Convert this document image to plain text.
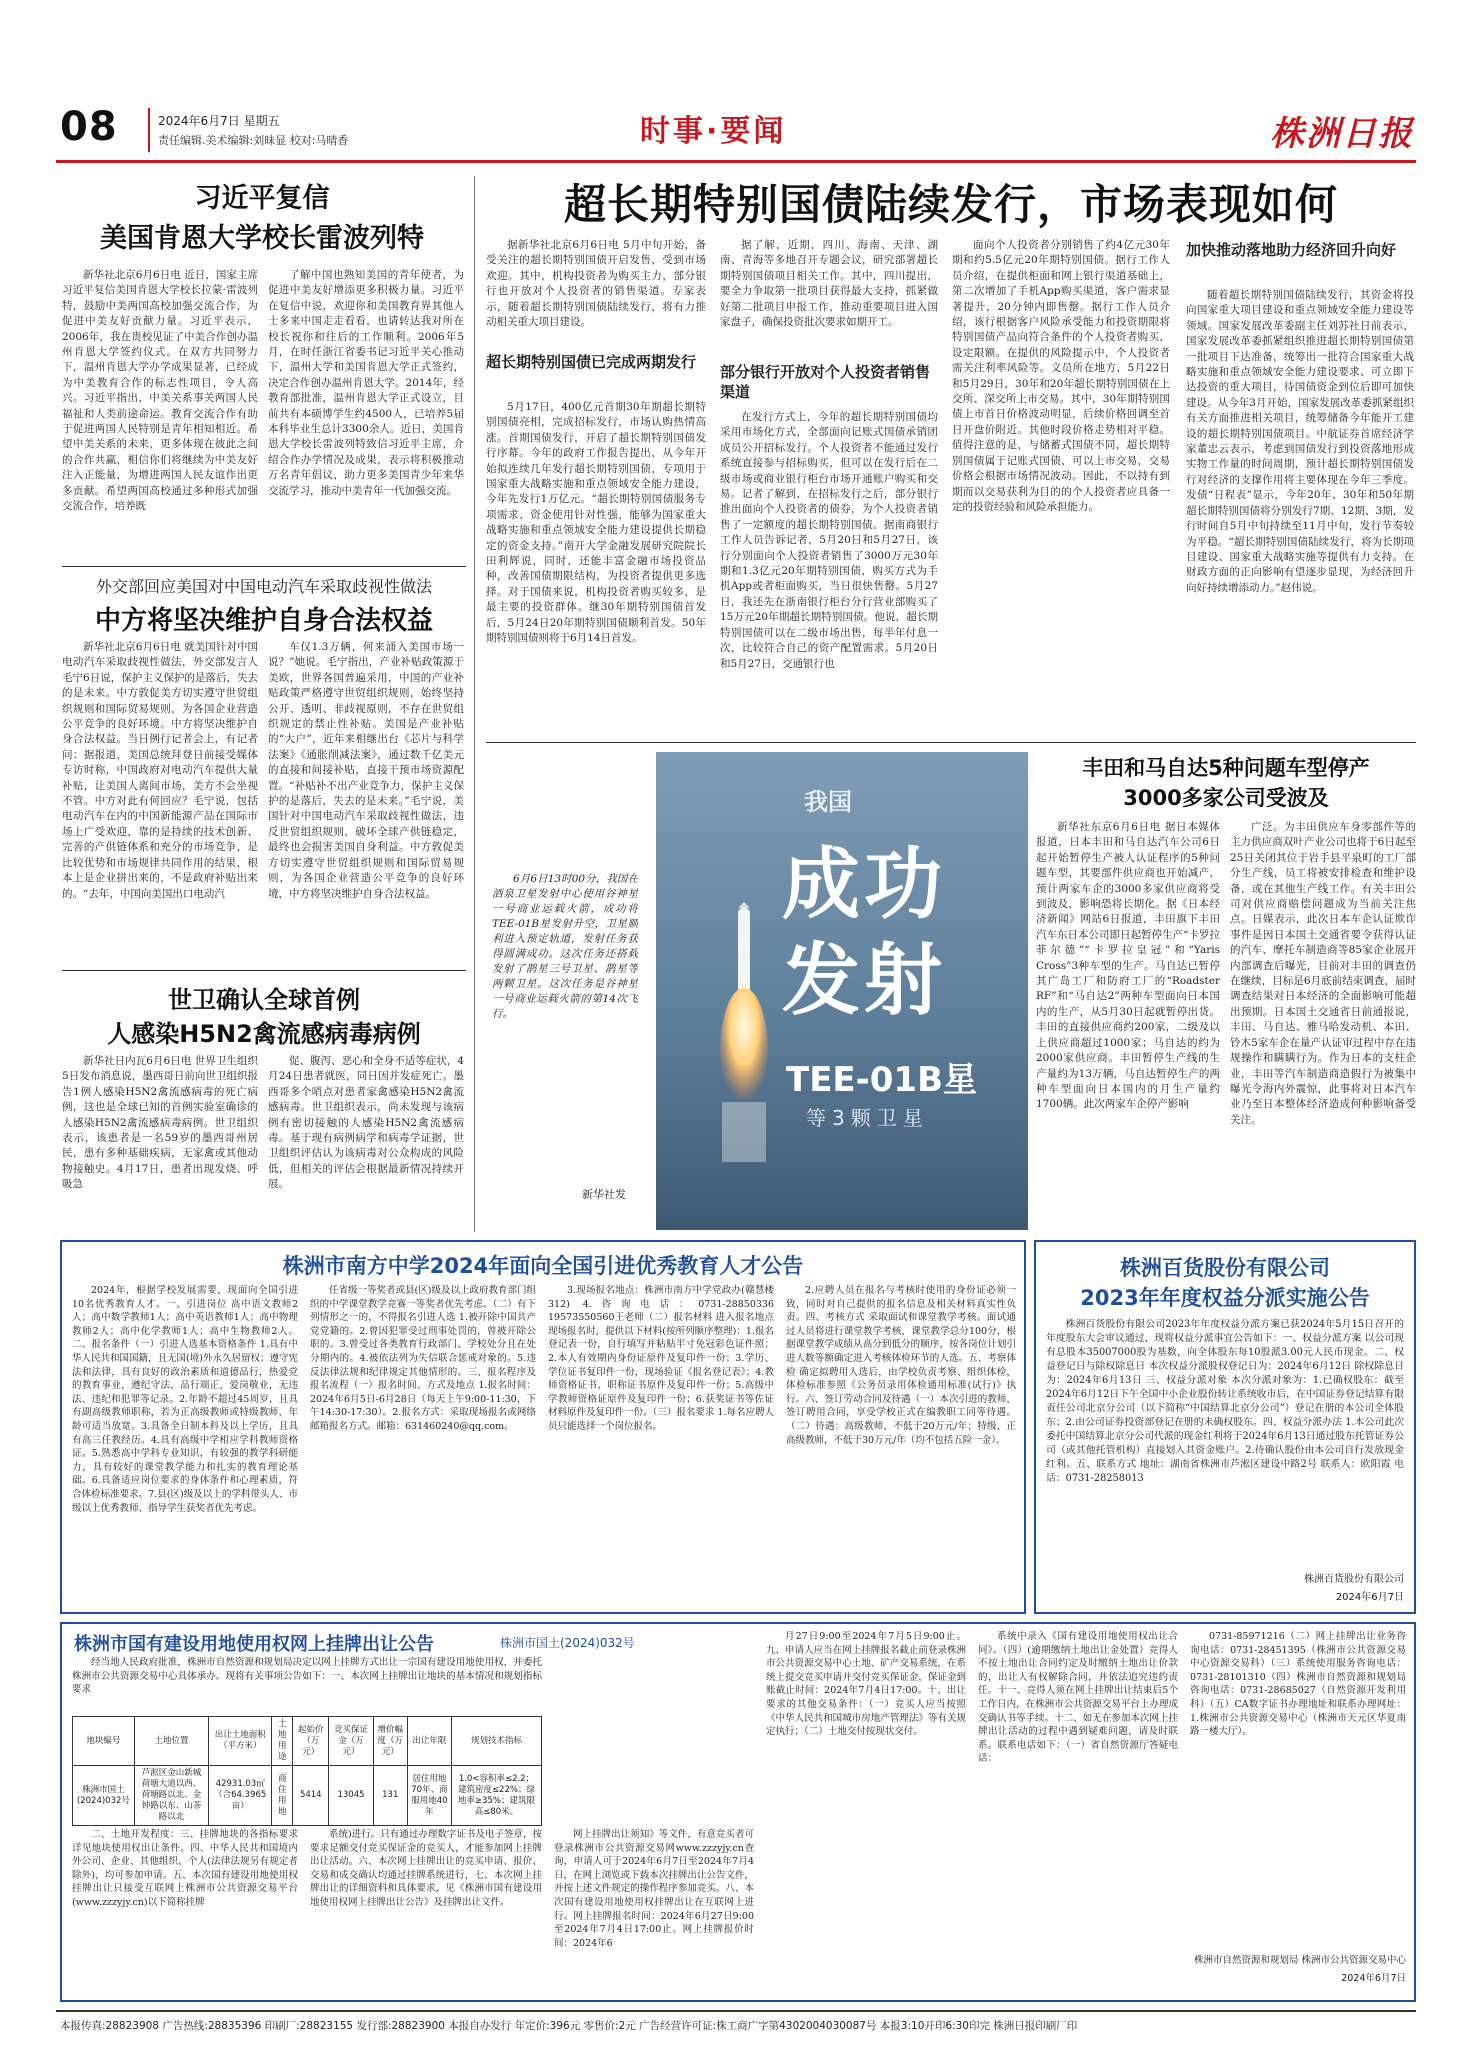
08	2024年6月7日 星期五
责任编辑.美术编辑:刘昧显 校对:马晴香	时事·要闻	株洲日报
习近平复信
美国肯恩大学校长雷波列特

新华社北京6月6日电 近日，国家主席习近平复信美国肯恩大学校长拉蒙·雷波列特，鼓励中美两国高校加强交流合作，为促进中美友好贡献力量。习近平表示，2006年，我在贵校见证了中美合作创办温州肯恩大学签约仪式。在双方共同努力下，温州肯恩大学办学成果显著，已经成为中美教育合作的标志性项目，令人高兴。习近平指出，中美关系事关两国人民福祉和人类前途命运。教育交流合作有助于促进两国人民特别是青年相知相近。希望中美关系的未来，更多体现在彼此之间的合作共赢，相信你们将继续为中美友好注入正能量，为增进两国人民友谊作出更多贡献。希望两国高校通过多种形式加强交流合作，培养既

了解中国也熟知美国的青年使者，为促进中美友好增添更多积极力量。习近平在复信中说，欢迎你和美国教育界其他人士多来中国走走看看，也请转达我对所在校长祝你和往后的工作顺利。2006年5月，在时任浙江省委书记习近平关心推动下，温州大学和美国肯恩大学正式签约，决定合作创办温州肯恩大学。2014年，经教育部批准，温州肯恩大学正式设立，目前共有本硕博学生约4500人，已培养5届本科毕业生总计3300余人。近日，美国肯恩大学校长雷波列特致信习近平主席，介绍合作办学情况及成果，表示将积极推动万名青年倡议，助力更多美国青少年来华交流学习，推动中美青年一代加强交流。

外交部回应美国对中国电动汽车采取歧视性做法
中方将坚决维护自身合法权益

新华社北京6月6日电 就美国针对中国电动汽车采取歧视性做法，外交部发言人毛宁6日说，保护主义保护的是落后，失去的是未来。中方敦促美方切实遵守世贸组织规则和国际贸易规则，为各国企业营造公平竞争的良好环境。中方将坚决维护自身合法权益。当日例行记者会上，有记者问：据报道，美国总统拜登日前接受媒体专访时称，中国政府对电动汽车提供大量补贴，让美国人离间市场，美方不会坐视不管。中方对此有何回应？毛宁说，包括电动汽车在内的中国新能源产品在国际市场上广受欢迎，靠的是持续的技术创新、完善的产供链体系和充分的市场竞争，是比较优势和市场规律共同作用的结果，根本上是企业拼出来的，不是政府补贴出来的。“去年，中国向美国出口电动汽

车仅1.3万辆，何来涌入美国市场一说？”她说。毛宁指出，产业补贴政策源于美欧，世界各国普遍采用，中国的产业补贴政策严格遵守世贸组织规则，始终坚持公开、透明、非歧视原则，不存在世贸组织规定的禁止性补贴。美国是产业补贴的“大户”，近年来相继出台《芯片与科学法案》《通胀削减法案》，通过数千亿美元的直接和间接补贴，直接干预市场资源配置。“补贴补不出产业竞争力，保护主义保护的是落后，失去的是未来。”毛宁说，美国针对中国电动汽车采取歧视性做法，违反世贸组织规则，破坏全球产供链稳定，最终也会损害美国自身利益。中方敦促美方切实遵守世贸组织规则和国际贸易规则，为各国企业营造公平竞争的良好环境，中方将坚决维护自身合法权益。

世卫确认全球首例
人感染H5N2禽流感病毒病例

新华社日内瓦6月6日电 世界卫生组织5日发布消息说，墨西哥日前向世卫组织报告1例人感染H5N2禽流感病毒的死亡病例，这也是全球已知的首例实验室确诊的人感染H5N2禽流感病毒病例。世卫组织表示，该患者是一名59岁的墨西哥州居民，患有多种基础疾病，无家禽或其他动物接触史。4月17日，患者出现发烧、呼吸急

促、腹泻、恶心和全身不适等症状，4月24日患者就医，同日因并发症死亡。墨西哥多个哨点对患者家禽感染H5N2禽流感病毒。世卫组织表示，尚未发现与该病例有密切接触的人感染H5N2禽流感病毒。基于现有病例病学和病毒学证据，世卫组织评估认为该病毒对公众构成的风险低，但相关的评估会根据最新情况持续开展。

超长期特别国债陆续发行，市场表现如何

据新华社北京6月6日电 5月中旬开始，备受关注的超长期特别国债开启发售，受到市场欢迎。其中，机构投资者为购买主力，部分银行也开放对个人投资者的销售渠道。专家表示，随着超长期特别国债陆续发行，将有力推动相关重大项目建设。

超长期特别国债已完成两期发行

5月17日，400亿元首期30年期超长期特别国债亮相，完成招标发行，市场认购热情高涨。首期国债发行，开启了超长期特别国债发行序幕。今年的政府工作报告提出，从今年开始拟连续几年发行超长期特别国债，专项用于国家重大战略实施和重点领域安全能力建设，今年先发行1万亿元。“超长期特别国债服务专项需求、资金使用针对性强，能够为国家重大战略实施和重点领域安全能力建设提供长期稳定的资金支持。”南开大学金融发展研究院院长田利辉说，同时，还能丰富金融市场投资品种，改善国债期限结构，为投资者提供更多选择。对于国债来说，机构投资者购买较多，是最主要的投资群体。继30年期特别国债首发后，5月24日20年期特别国债顺利首发。50年期特别国债则将于6月14日首发。

据了解，近期，四川、海南、天津、湖南、青海等多地召开专题会议，研究部署超长期特别国债项目相关工作。其中，四川提出，要全力争取第一批项目获得最大支持，抓紧做好第二批项目申报工作，推动重要项目进入国家盘子，确保投资批次要求如期开工。

部分银行开放对个人投资者销售渠道

在发行方式上，今年的超长期特别国债均采用市场化方式，全部面向记账式国债承销团成员公开招标发行。个人投资者不能通过发行系统直接参与招标购买，但可以在发行后在二级市场或商业银行柜台市场开通账户购买和交易。记者了解到，在招标发行之后，部分银行推出面向个人投资者的债券，为个人投资者销售了一定额度的超长期特别国债。据南商银行工作人员告诉记者，5月20日和5月27日，该行分别面向个人投资者销售了3000万元30年期和1.3亿元20年期特别国债，购买方式为手机App或者柜面购买，当日很快售罄。5月27日，我还先在浙南银行柜台分行营业部购买了15万元20年期超长期特别国债。他说，超长期特别国债可以在二级市场出售，每半年付息一次，比较符合自己的资产配置需求。5月20日和5月27日，交通银行也

面向个人投资者分别销售了约4亿元30年期和约5.5亿元20年期特别国债。据行工作人员介绍，在提供柜面和网上银行渠道基础上，第二次增加了手机App购买渠道，客户需求显著提升，20分钟内即售罄。据行工作人员介绍，该行根据客户风险承受能力和投资期限将特别国债产品向符合条件的个人投资者购买，设定限额。在提供的风险提示中，个人投资者需关注利率风险等。文员所在地方，5月22日和5月29日，30年和20年超长期特别国债在上交所、深交所上市交易。其中，30年期特别国债上市首日价格波动明显，后续价格回调至首日开盘价附近。其他时段价格走势相对平稳。值得注意的是，与储蓄式国债不同，超长期特别国债属于记账式国债，可以上市交易，交易价格会根据市场情况波动。因此，不以持有到期而以交易获利为目的的个人投资者应具备一定的投资经验和风险承担能力。

加快推动落地助力经济回升向好

随着超长期特别国债陆续发行，其资金将投向国家重大项目建设和重点领域安全能力建设等领域。国家发展改革委副主任刘苏社日前表示，国家发展改革委抓紧组织推进超长期特别国债第一批项目下达准备，统筹出一批符合国家重大战略实施和重点领域安全能力建设要求、可立即下达投资的重大项目，待国债资金到位后即可加快建设。从今年3月开始，国家发展改革委抓紧组织有关方面推进相关项目，统筹储备今年能开工建设的超长期特别国债项目。中航证券首席经济学家董忠云表示，考虑到国债发行到投资落地形成实物工作量的时间周期，预计超长期特别国债发行对经济的支撑作用将主要体现在今年三季度。发债“日程表”显示，今年20年、30年和50年期超长期特别国债将分别发行7期、12期、3期，发行时间自5月中旬持续至11月中旬，发行节奏较为平稳。“超长期特别国债陆续发行，将为长期项目建设、国家重大战略实施等提供有力支持。在财政方面的正向影响有望逐步显现，为经济回升向好持续增添动力。”赵伟说。

6月6日13时00分，我国在酒泉卫星发射中心使用谷神星一号商业运载火箭，成功将TEE-01B星发射升空，卫星顺利进入预定轨道，发射任务获得圆满成功。这次任务还搭载发射了鹊星三号卫星、鹊星等两颗卫星。这次任务是谷神星一号商业运载火箭的第14次飞行。

新华社发
我国
成功
发射
TEE-01B星
等3颗卫星
丰田和马自达5种问题车型停产
3000多家公司受波及

新华社东京6月6日电 据日本媒体报道，日本丰田和马自达汽车公司6日起开始暂停生产被人认证程序的5种问题车型，其要部件供应商也开始减产，预计两家车企的3000多家供应商将受到波及，影响恐将长期化。据《日本经济新闻》网站6日报道，丰田旗下丰田汽车东日本公司即日起暂停生产“卡罗拉菲尔德”“卡罗拉皇冠”和“Yaris Cross”3种车型的生产。马自达已暂停其广岛工厂和防府工厂的“Roadster RF”和“马自达2”两种车型面向日本国内的生产，从5月30日起就暂停出货。丰田的直接供应商约200家，二级及以上供应商超过1000家；马自达的约为2000家供应商。丰田暂停生产线的生产量约为13万辆，马自达暂停生产的两种车型面向日本国内的月生产量约1700辆。此次两家车企停产影响

广泛。为丰田供应车身零部件等的主力供应商双叶产业公司也将于6日起至25日关闭其位于岩手县平泉町的工厂部分生产线，员工将被安排检查和维护设备，或在其他生产线工作。有关丰田公司对供应商赔偿问题成为当前关注焦点。日媒表示，此次日本车企认证欺诈事件是因日本国土交通省要令获得认证的汽车、摩托车制造商等85家企业展开内部调查后曝光，目前对丰田的调查仍在继续，目标是6月底前结束调查，届时调查结果对日本经济的全面影响可能超出预期。日本国土交通省日前通报说，丰田、马自达、雅马哈发动机、本田、铃木5家车企在量产认证审过程中存在违规操作和瞒瞒行为。作为日本的支柱企业，丰田等汽车制造商造假行为被集中曝光令海内外震惊，此事将对日本汽车业乃至日本整体经济造成何种影响备受关注。

株洲市南方中学2024年面向全国引进优秀教育人才公告

2024年，根据学校发展需要，现面向全国引进10名优秀教育人才。一、引进岗位 高中语文教师2人；高中数学教师1人；高中英语教师1人；高中物理教师2人；高中化学教师1人；高中生物教师2人。二、报名条件（一）引进人选基本资格条件 1.具有中华人民共和国国籍，且无国(境)外永久居留权；遵守宪法和法律，具有良好的政治素质和道德品行，热爱党的教育事业，遵纪守法，品行端正，爱岗敬业，无违法、违纪和犯罪等记录。2.年龄不超过45周岁，且具有副高级教师职称，若为正高级教师或特级教师，年龄可适当放宽。3.具备全日制本科及以上学历，且具有高三任教经历。4.具有高级中学相应学科教师资格证。5.熟悉高中学科专业知识，有较强的教学科研能力，具有较好的课堂教学能力和扎实的教育理论基础。6.具备适应岗位要求的身体条件和心理素质，符合体检标准要求。7.县(区)级及以上的学科带头人、市级以上优秀教师、指导学生获奖者优先考虑。

任省级一等奖者或县(区)级及以上政府教育部门组织的中学课堂教学竞赛一等奖者优先考虑。（二）有下列情形之一的，不得报名引进人选 1.被开除中国共产党党籍的。2.曾因犯罪受过刑事处罚的，曾被开除公职的。3.曾受过各类教育行政部门、学校处分且在处分期内的。4.被依法列为失信联合惩戒对象的。5.违反法律法规和纪律规定其他情形的。三、报名程序及报名流程（一）报名时间、方式及地点 1.报名时间：2024年6月5日-6月28日（每天上午9:00-11:30，下午14:30-17:30）。2.报名方式：采取现场报名或网络邮箱报名方式。邮箱：631460240@qq.com。

3.现场报名地点：株洲市南方中学党政办(赣慧楼312) 4.咨询电话：0731-28850336 19573550560王老师（二）报名材料 进入报名地点现场报名时，提供以下材料(按所列顺序整理)：1.报名登记表一份，自行填写并粘贴半寸免冠彩色证件照；2.本人有效期内身份证原件及复印件一份；3.学历、学位证书复印件一份，现场验证《报名登记表》；4.教师资格证书、职称证书原件及复印件一份；5.高级中学教师资格证原件及复印件一份；6.获奖证书等佐证材料原件及复印件一份。（三）报名要求 1.每名应聘人员只能选择一个岗位报名。

2.应聘人员在报名与考核时使用的身份证必须一致，同时对自己提供的报名信息及相关材料真实性负责。四、考核方式 采取面试和课堂教学考核。面试通过人员将进行课堂教学考核，课堂教学总分100分，根据课堂教学成绩从高分到低分的顺序，按各岗位计划引进人数等额确定进入考核体检环节的人选。五、考察体检 确定拟聘用人选后，由学校负责考察、组织体检，体检标准参照《公务员录用体检通用标准(试行)》执行。六、签订劳动合同及待遇（一）本次引进的教师，签订聘用合同，享受学校正式在编教职工同等待遇。（二）待遇：高级教师，不低于20万元/年；特级、正高级教师，不低于30万元/年（均不包括五险一金）。

株洲百货股份有限公司
2023年年度权益分派实施公告

株洲百货股份有限公司2023年年度权益分派方案已获2024年5月15日召开的年度股东大会审议通过，现将权益分派事宜公告如下：一、权益分派方案 以公司现有总股本35007000股为基数，向全体股东每10股派3.00元人民币现金。二、权益登记日与除权除息日 本次权益分派股权登记日为：2024年6月12日 除权除息日为：2024年6月13日 三、权益分派对象 本次分派对象为：1.已确权股东：截至2024年6月12日下午全国中小企业股份转让系统收市后，在中国证券登记结算有限责任公司北京分公司（以下简称“中国结算北京分公司”）登记在册的本公司全体股东；2.由公司证券投资部登记在册的未确权股东。四、权益分派办法 1.本公司此次委托中国结算北京分公司代派的现金红利将于2024年6月13日通过股东托管证券公司（或其他托管机构）直接划入其资金账户。2.待确认股份由本公司自行发放现金红利。五、联系方式 地址：湖南省株洲市芦淞区建设中路2号 联系人：欧阳霞 电话：0731-28258013

株洲百货股份有限公司
2024年6月7日
株洲市国有建设用地使用权网上挂牌出让公告	株洲市国土(2024)032号

经当地人民政府批准，株洲市自然资源和规划局决定以网上挂牌方式出让一宗国有建设用地使用权，并委托株洲市公共资源交易中心具体承办。现将有关事项公告如下：一、本次网上挂牌出让地块的基本情况和规划指标要求

地块编号	土地位置	出让土地面积（平方米）	土地用途	起始价（万元）	竞买保证金（万元）	增价幅度（万元）	出让年限	规划技术指标
株洲市国土(2024)032号	芦淞区金山新城荷塘大道以西、荷塘路以北、金钟路以东、山茶路以北	42931.03㎡（合64.3965亩）	商住用地	5414	13045	131	居住用地70年、商服用地40年	1.0<容积率≤2.2；建筑密度≤22%；绿地率≥35%；建筑限高≤80米。

二、土地开发程度：三、挂牌地块的各指标要求详见地块使用权出让条件。四、中华人民共和国境内外公司、企业、其他组织、个人(法律法规另有规定者除外)，均可参加申请。五、本次国有建设用地使用权挂牌出让只接受互联网上株洲市公共资源交易平台(www.zzzyjy.cn)以下简称挂牌

系统)进行。只有通过办理数字证书及电子签章，按要求足额交付竞买保证金的竞买人，才能参加网上挂牌出让活动。六、本次网上挂牌出让的竞买申请、报价、交易和成交确认均通过挂牌系统进行，七、本次网上挂牌出让的详细资料和具体要求，见《株洲市国有建设用地使用权网上挂牌出让公告》及挂牌出让文件。

网上挂牌出让须知》等文件，有意竞买者可登录株洲市公共资源交易网www.zzzyjy.cn查询，申请人可于2024年6月7日至2024年7月4日，在网上浏览或下载本次挂牌出让公告文件，并按上述文件规定的操作程序参加竞买。八、本次国有建设用地使用权挂牌出让在互联网上进行。网上挂牌报名时间：2024年6月27日9:00至2024年7月4日17:00止。网上挂牌报价时间：2024年6

月27日9:00至2024年7月5日9:00止。九、申请人应当在网上挂牌报名截止前登录株洲市公共资源交易中心土地、矿产交易系统，在系统上提交竞买申请并交付竞买保证金，保证金到账截止时间：2024年7月4日17:00。十、出让要求的其他交易条件：（一）竞买人应当按照《中华人民共和国城市房地产管理法》等有关规定执行；（二）土地交付按现状交付。

系统中录入《国有建设用地使用权出让合同》。（四）(逾期缴纳土地出让金处置）竞得人不按土地出让合同约定及时缴纳土地出让价款的，出让人有权解除合同，并依法追究违约责任。十一、竞得人须在网上挂牌出让结束后5个工作日内，在株洲市公共资源交易平台上办理成交确认书等手续。十二、如无在参加本次网上挂牌出让活动的过程中遇到疑难问题，请及时联系。联系电话如下：（一）省自然资源厅答疑电话：

0731-85971216（二）网上挂牌出让业务咨询电话：0731-28451395（株洲市公共资源交易中心资源交易科）（三）系统使用服务咨询电话：0731-28101310（四）株洲市自然资源和规划局咨询电话：0731-28685027（自然资源开发利用科）（五）CA数字证书办理地址和联系办理网址：1.株洲市公共资源交易中心（株洲市天元区华夏南路一楼大厅）。

株洲市自然资源和规划局 株洲市公共资源交易中心
2024年6月7日
本报传真:28823908 广告热线:28835396 印刷厂:28823155 发行部:28823900 本报自办发行 年定价:396元 零售价:2元 广告经营许可证:株工商广字第4302004030087号 本报3:10开印6:30印完 株洲日报印刷厂印
